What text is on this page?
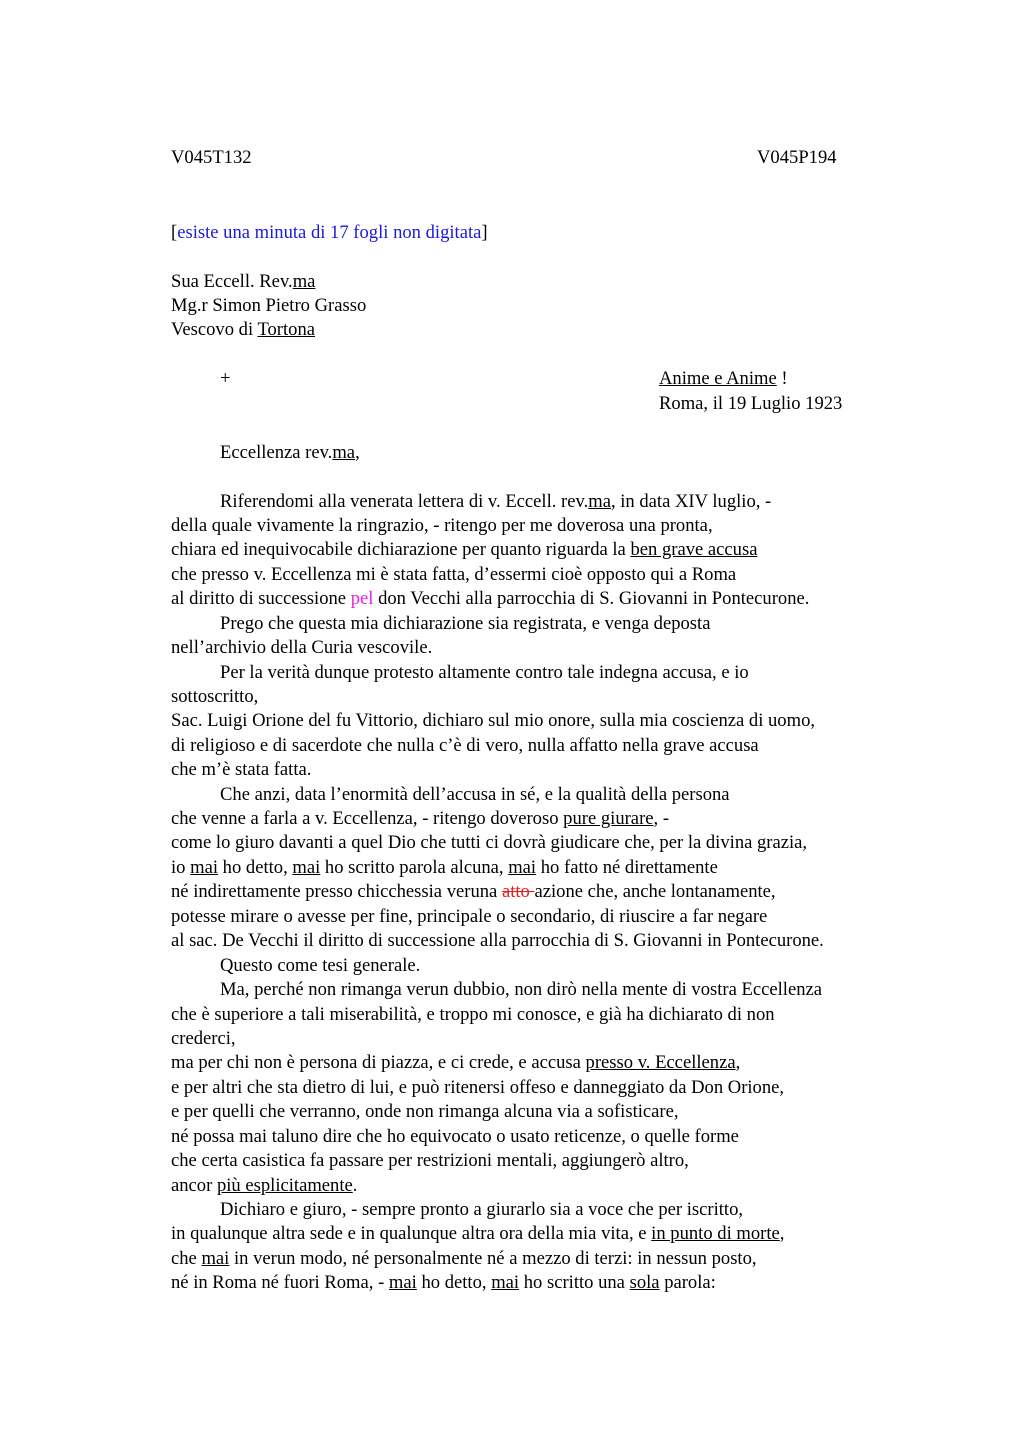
V045T132	V045P194
[esiste una minuta di 17 fogli non digitata]
Sua Eccell. Rev.ma
Mg.r Simon Pietro Grasso
Vescovo di Tortona
+	Anime e Anime !
Roma, il 19 Luglio 1923
Eccellenza rev.ma,
Riferendomi alla venerata lettera di v. Eccell. rev.ma, in data XIV luglio, -
della quale vivamente la ringrazio, - ritengo per me doverosa una pronta,
chiara ed inequivocabile dichiarazione per quanto riguarda la ben grave accusa
che presso v. Eccellenza mi è stata fatta, d’essermi cioè opposto qui a Roma
al diritto di successione pel don Vecchi alla parrocchia di S. Giovanni in Pontecurone.
Prego che questa mia dichiarazione sia registrata, e venga deposta
nell’archivio della Curia vescovile.
Per la verità dunque protesto altamente contro tale indegna accusa, e io
sottoscritto,
Sac. Luigi Orione del fu Vittorio, dichiaro sul mio onore, sulla mia coscienza di uomo,
di religioso e di sacerdote che nulla c’è di vero, nulla affatto nella grave accusa
che m’è stata fatta.
Che anzi, data l’enormità dell’accusa in sé, e la qualità della persona
che venne a farla a v. Eccellenza, - ritengo doveroso pure giurare, -
come lo giuro davanti a quel Dio che tutti ci dovrà giudicare che, per la divina grazia,
io mai ho detto, mai ho scritto parola alcuna, mai ho fatto né direttamente
né indirettamente presso chicchessia veruna atto azione che, anche lontanamente,
potesse mirare o avesse per fine, principale o secondario, di riuscire a far negare
al sac. De Vecchi il diritto di successione alla parrocchia di S. Giovanni in Pontecurone.
Questo come tesi generale.
Ma, perché non rimanga verun dubbio, non dirò nella mente di vostra Eccellenza
che è superiore a tali miserabilità, e troppo mi conosce, e già ha dichiarato di non
crederci,
ma per chi non è persona di piazza, e ci crede, e accusa presso v. Eccellenza,
e per altri che sta dietro di lui, e può ritenersi offeso e danneggiato da Don Orione,
e per quelli che verranno, onde non rimanga alcuna via a sofisticare,
né possa mai taluno dire che ho equivocato o usato reticenze, o quelle forme
che certa casistica fa passare per restrizioni mentali, aggiungerò altro,
ancor più esplicitamente.
Dichiaro e giuro, - sempre pronto a giurarlo sia a voce che per iscritto,
in qualunque altra sede e in qualunque altra ora della mia vita, e in punto di morte,
che mai in verun modo, né personalmente né a mezzo di terzi: in nessun posto,
né in Roma né fuori Roma, - mai ho detto, mai ho scritto una sola parola:
